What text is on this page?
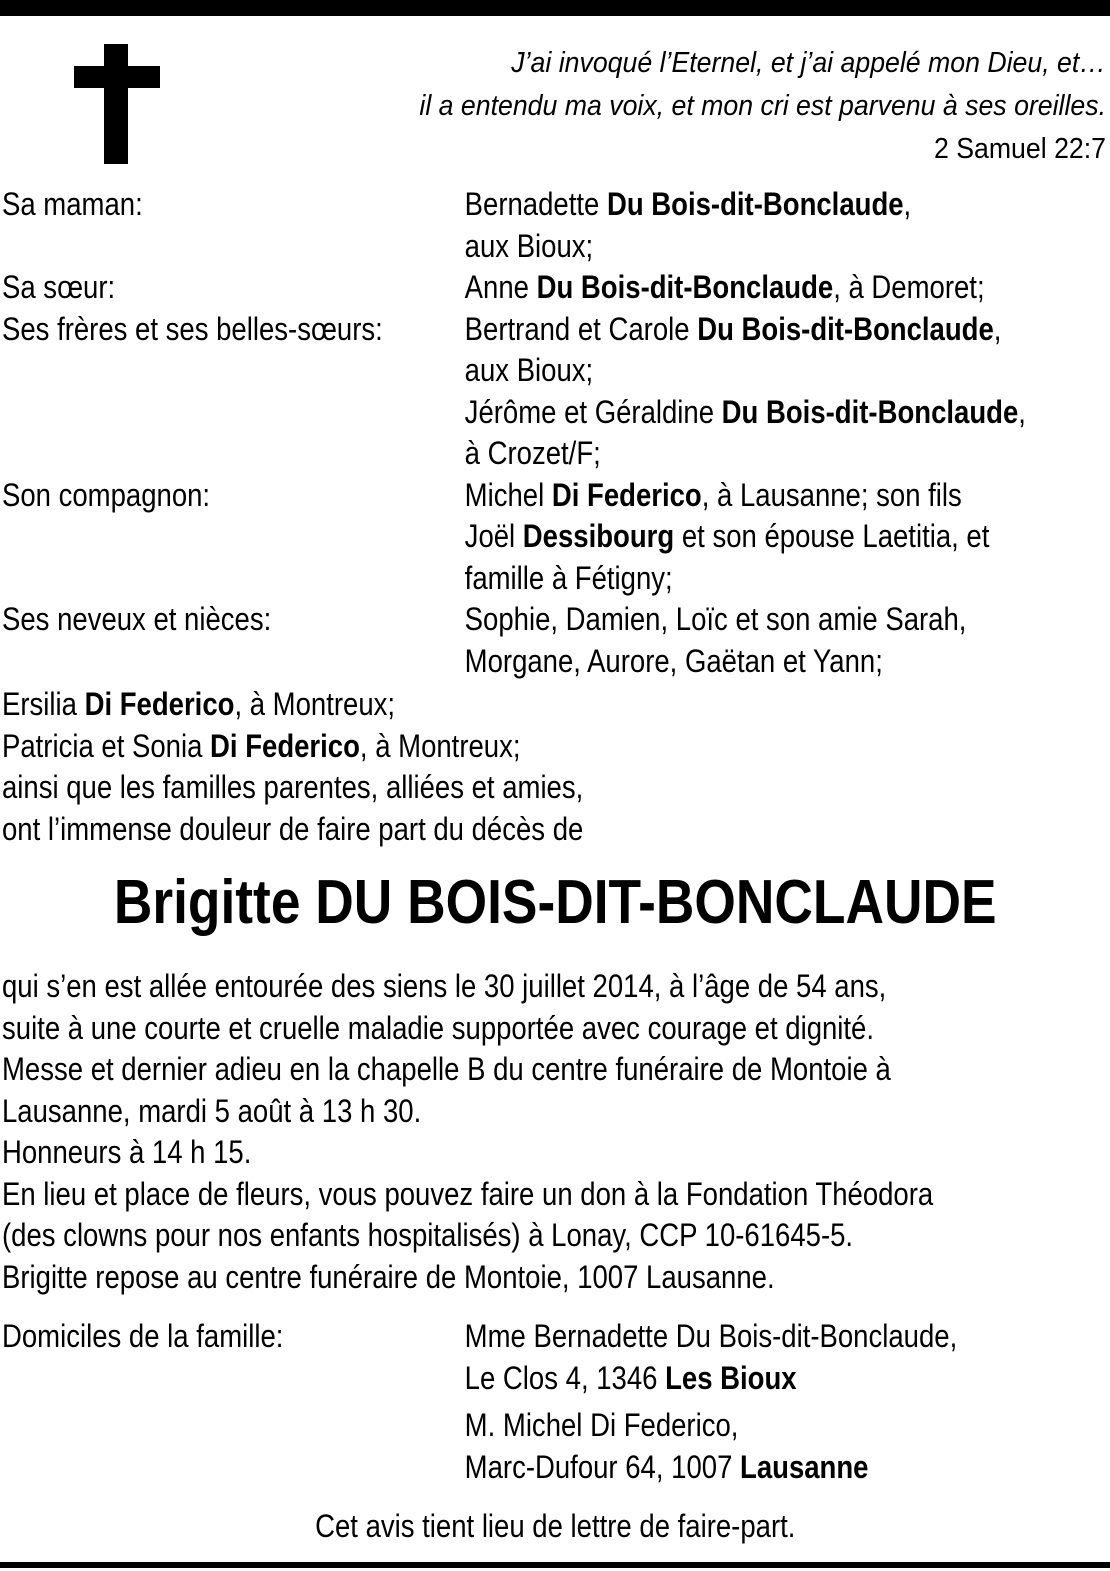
J’ai invoqué l’Eternel, et j’ai appelé mon Dieu, et…
il a entendu ma voix, et mon cri est parvenu à ses oreilles.
2 Samuel 22:7
Sa maman:	Bernadette Du Bois-dit-Bonclaude,
aux Bioux;
Sa sœur:	Anne Du Bois-dit-Bonclaude, à Demoret;
Ses frères et ses belles-sœurs:	Bertrand et Carole Du Bois-dit-Bonclaude,
aux Bioux;
Jérôme et Géraldine Du Bois-dit-Bonclaude,
à Crozet/F;
Son compagnon:	Michel Di Federico, à Lausanne; son fils
Joël Dessibourg et son épouse Laetitia, et
famille à Fétigny;
Ses neveux et nièces:	Sophie, Damien, Loïc et son amie Sarah,
Morgane, Aurore, Gaëtan et Yann;
Ersilia Di Federico, à Montreux;
Patricia et Sonia Di Federico, à Montreux;
ainsi que les familles parentes, alliées et amies,
ont l’immense douleur de faire part du décès de
Brigitte DU BOIS-DIT-BONCLAUDE
qui s’en est allée entourée des siens le 30 juillet 2014, à l’âge de 54 ans,
suite à une courte et cruelle maladie supportée avec courage et dignité.
Messe et dernier adieu en la chapelle B du centre funéraire de Montoie à
Lausanne, mardi 5 août à 13 h 30.
Honneurs à 14 h 15.
En lieu et place de fleurs, vous pouvez faire un don à la Fondation Théodora
(des clowns pour nos enfants hospitalisés) à Lonay, CCP 10-61645-5.
Brigitte repose au centre funéraire de Montoie, 1007 Lausanne.
Domiciles de la famille:	Mme Bernadette Du Bois-dit-Bonclaude,
Le Clos 4, 1346 Les Bioux
M. Michel Di Federico,
Marc-Dufour 64, 1007 Lausanne
Cet avis tient lieu de lettre de faire-part.
